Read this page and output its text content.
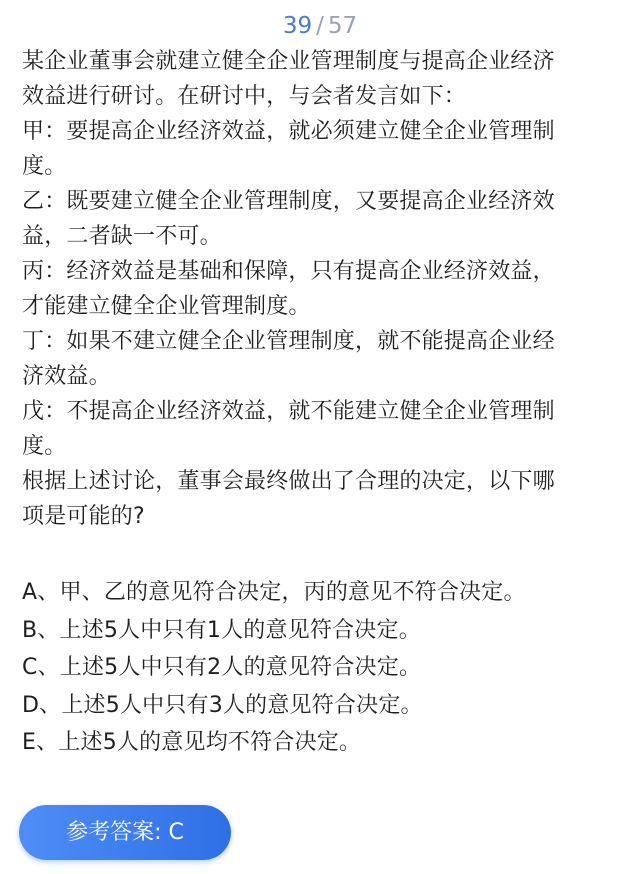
39 / 57

某企业董事会就建立健全企业管理制度与提高企业经济

效益进行研讨。在研讨中，与会者发言如下：

甲：要提高企业经济效益，就必须建立健全企业管理制

度。

乙：既要建立健全企业管理制度，又要提高企业经济效

益，二者缺一不可。

丙：经济效益是基础和保障，只有提高企业经济效益，

才能建立健全企业管理制度。

丁：如果不建立健全企业管理制度，就不能提高企业经

济效益。

戊：不提高企业经济效益，就不能建立健全企业管理制

度。

根据上述讨论，董事会最终做出了合理的决定，以下哪

项是可能的?

A、甲、乙的意见符合决定，丙的意见不符合决定。

B、上述5人中只有1人的意见符合决定。

C、上述5人中只有2人的意见符合决定。

D、上述5人中只有3人的意见符合决定。

E、上述5人的意见均不符合决定。

参考答案: C
